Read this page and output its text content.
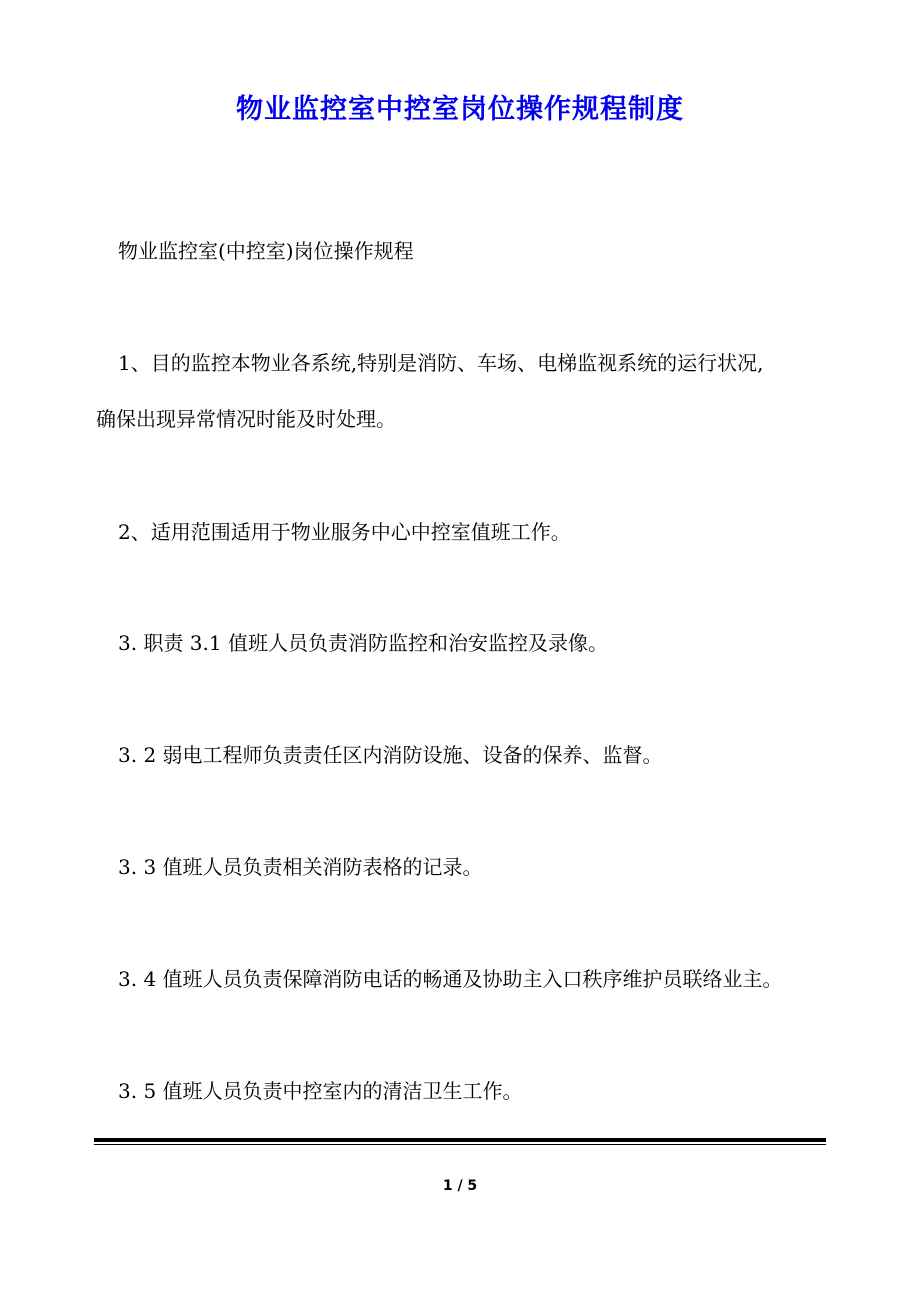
物业监控室中控室岗位操作规程制度

物业监控室(中控室)岗位操作规程

1、目的监控本物业各系统,特别是消防、车场、电梯监视系统的运行状况,

确保出现异常情况时能及时处理。

2、适用范围适用于物业服务中心中控室值班工作。

3. 职责 3.1 值班人员负责消防监控和治安监控及录像。

3. 2 弱电工程师负责责任区内消防设施、设备的保养、监督。

3. 3 值班人员负责相关消防表格的记录。

3. 4 值班人员负责保障消防电话的畅通及协助主入口秩序维护员联络业主。

3. 5 值班人员负责中控室内的清洁卫生工作。

1 / 5
